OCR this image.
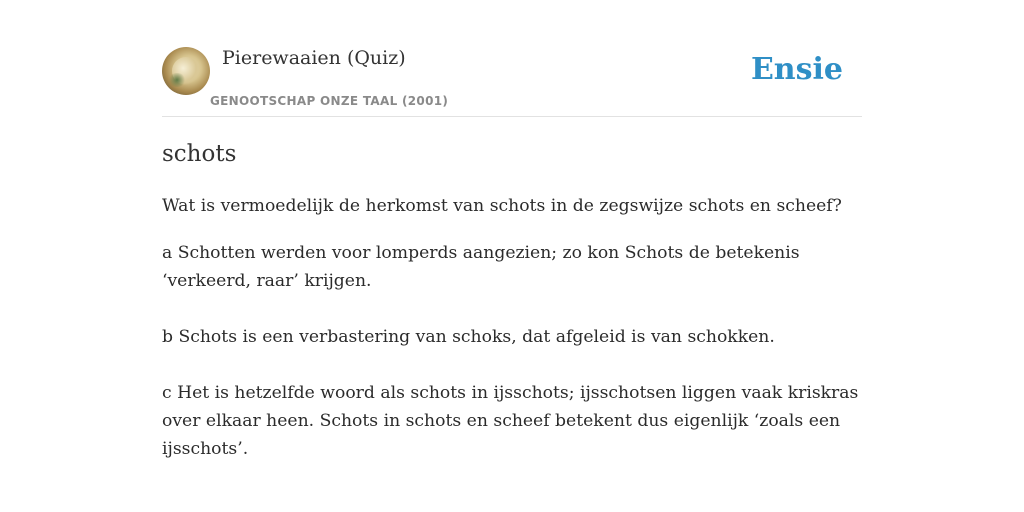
Pierewaaien (Quiz)
GENOOTSCHAP ONZE TAAL (2001)
Ensie
schots

Wat is vermoedelijk de herkomst van schots in de zegswijze schots en scheef?

a Schotten werden voor lomperds aangezien; zo kon Schots de betekenis ‘verkeerd, raar’ krijgen.

b Schots is een verbastering van schoks, dat afgeleid is van schokken.

c Het is hetzelfde woord als schots in ijsschots; ijsschotsen liggen vaak kriskras over elkaar heen. Schots in schots en scheef betekent dus eigenlijk ‘zoals een ijsschots’.
